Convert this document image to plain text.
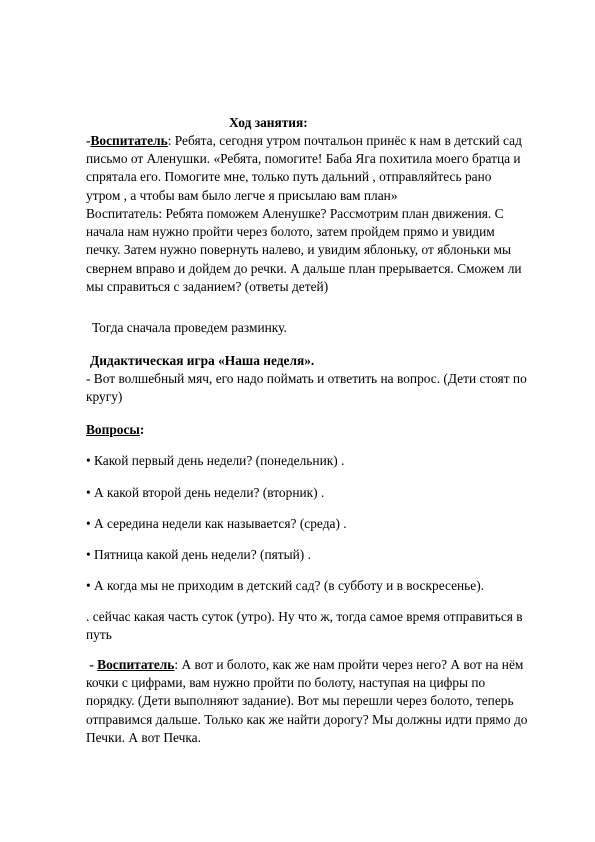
Ход занятия:
-Воспитатель: Ребята, сегодня утром почтальон принёс к нам в детский сад
письмо от Аленушки. «Ребята, помогите! Баба Яга похитила моего братца и
спрятала его. Помогите мне, только путь дальний , отправляйтесь рано
утром , а чтобы вам было легче я присылаю вам план»
Воспитатель: Ребята поможем Аленушке? Рассмотрим план движения. С
начала нам нужно пройти через болото, затем пройдем прямо и увидим
печку. Затем нужно повернуть налево, и увидим яблоньку, от яблоньки мы
свернем вправо и дойдем до речки. А дальше план прерывается. Сможем ли
мы справиться с заданием? (ответы детей)
Тогда сначала проведем разминку.
Дидактическая игра «Наша неделя».
- Вот волшебный мяч, его надо поймать и ответить на вопрос. (Дети стоят по
кругу)
Вопросы:
• Какой первый день недели? (понедельник) .
• А какой второй день недели? (вторник) .
• А середина недели как называется? (среда) .
• Пятница какой день недели? (пятый) .
• А когда мы не приходим в детский сад? (в субботу и в воскресенье).
. сейчас какая часть суток (утро). Ну что ж, тогда самое время отправиться в
путь
- Воспитатель: А вот и болото, как же нам пройти через него? А вот на нём
кочки с цифрами, вам нужно пройти по болоту, наступая на цифры по
порядку. (Дети выполняют задание). Вот мы перешли через болото, теперь
отправимся дальше. Только как же найти дорогу? Мы должны идти прямо до
Печки. А вот Печка.
